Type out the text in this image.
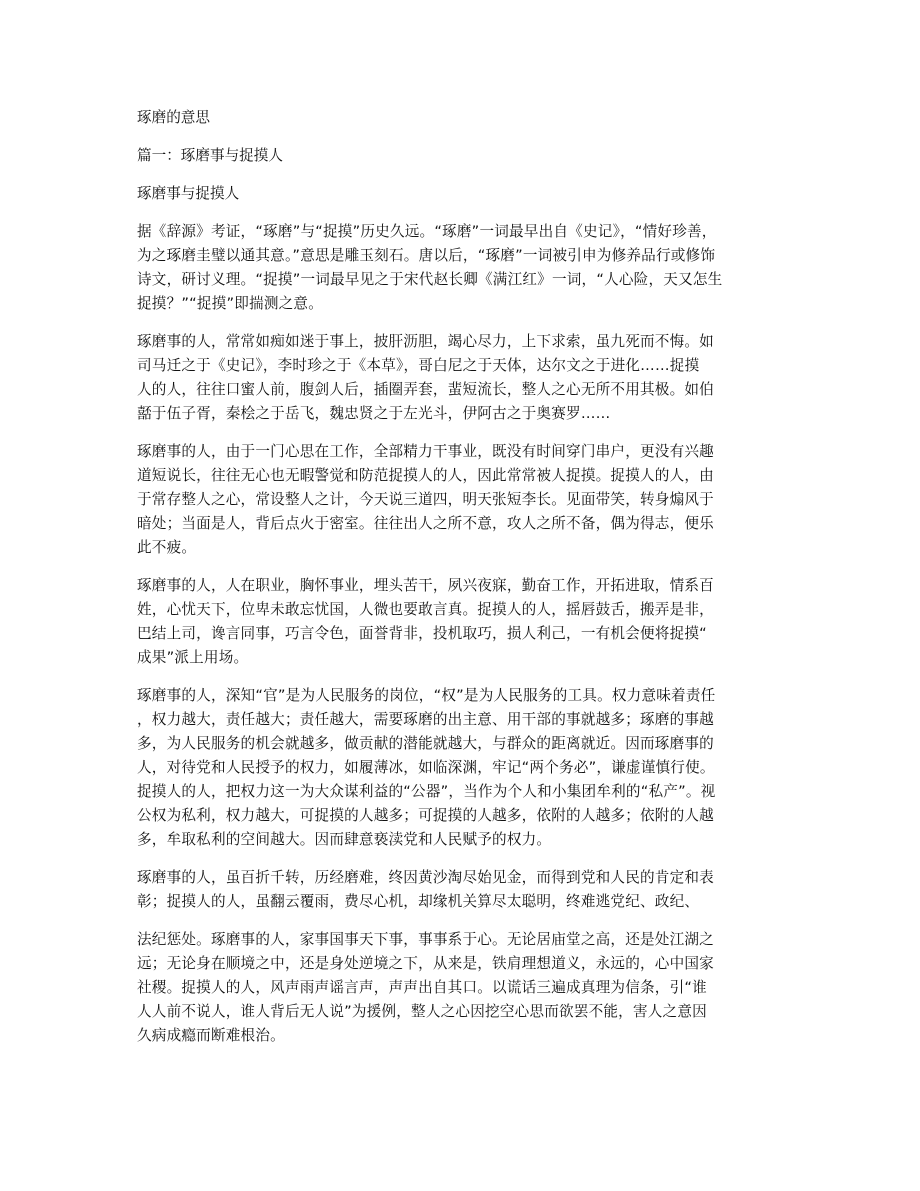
琢磨的意思
篇一：琢磨事与捉摸人
琢磨事与捉摸人
据《辞源》考证，“琢磨”与“捉摸”历史久远。“琢磨”一词最早出自《史记》，“情好珍善，
为之琢磨圭璧以通其意。”意思是雕玉刻石。唐以后，“琢磨”一词被引申为修养品行或修饰
诗文，研讨义理。“捉摸”一词最早见之于宋代赵长卿《满江红》一词，“人心险，天又怎生
捉摸？”“捉摸”即揣测之意。
琢磨事的人，常常如痴如迷于事上，披肝沥胆，竭心尽力，上下求索，虽九死而不悔。如
司马迁之于《史记》，李时珍之于《本草》，哥白尼之于天体，达尔文之于进化……捉摸
人的人，往往口蜜人前，腹剑人后，插圈弄套，蜚短流长，整人之心无所不用其极。如伯
嚭于伍子胥，秦桧之于岳飞，魏忠贤之于左光斗，伊阿古之于奥赛罗……
琢磨事的人，由于一门心思在工作，全部精力干事业，既没有时间穿门串户，更没有兴趣
道短说长，往往无心也无暇警觉和防范捉摸人的人，因此常常被人捉摸。捉摸人的人，由
于常存整人之心，常设整人之计，今天说三道四，明天张短李长。见面带笑，转身煽风于
暗处；当面是人，背后点火于密室。往往出人之所不意，攻人之所不备，偶为得志，便乐
此不疲。
琢磨事的人，人在职业，胸怀事业，埋头苦干，夙兴夜寐，勤奋工作，开拓进取，情系百
姓，心忧天下，位卑未敢忘忧国，人微也要敢言真。捉摸人的人，摇唇鼓舌，搬弄是非，
巴结上司，谗言同事，巧言令色，面誉背非，投机取巧，损人利己，一有机会便将捉摸“
成果”派上用场。
琢磨事的人，深知“官”是为人民服务的岗位，“权”是为人民服务的工具。权力意味着责任
，权力越大，责任越大；责任越大，需要琢磨的出主意、用干部的事就越多；琢磨的事越
多，为人民服务的机会就越多，做贡献的潜能就越大，与群众的距离就近。因而琢磨事的
人，对待党和人民授予的权力，如履薄冰，如临深渊，牢记“两个务必”，谦虚谨慎行使。
捉摸人的人，把权力这一为大众谋利益的“公器”，当作为个人和小集团牟利的“私产”。视
公权为私利，权力越大，可捉摸的人越多；可捉摸的人越多，依附的人越多；依附的人越
多，牟取私利的空间越大。因而肆意亵渎党和人民赋予的权力。
琢磨事的人，虽百折千转，历经磨难，终因黄沙淘尽始见金，而得到党和人民的肯定和表
彰；捉摸人的人，虽翻云覆雨，费尽心机，却缘机关算尽太聪明，终难逃党纪、政纪、
法纪惩处。琢磨事的人，家事国事天下事，事事系于心。无论居庙堂之高，还是处江湖之
远；无论身在顺境之中，还是身处逆境之下，从来是，铁肩理想道义，永远的，心中国家
社稷。捉摸人的人，风声雨声谣言声，声声出自其口。以谎话三遍成真理为信条，引“谁
人人前不说人，谁人背后无人说”为援例，整人之心因挖空心思而欲罢不能，害人之意因
久病成瘾而断难根治。
